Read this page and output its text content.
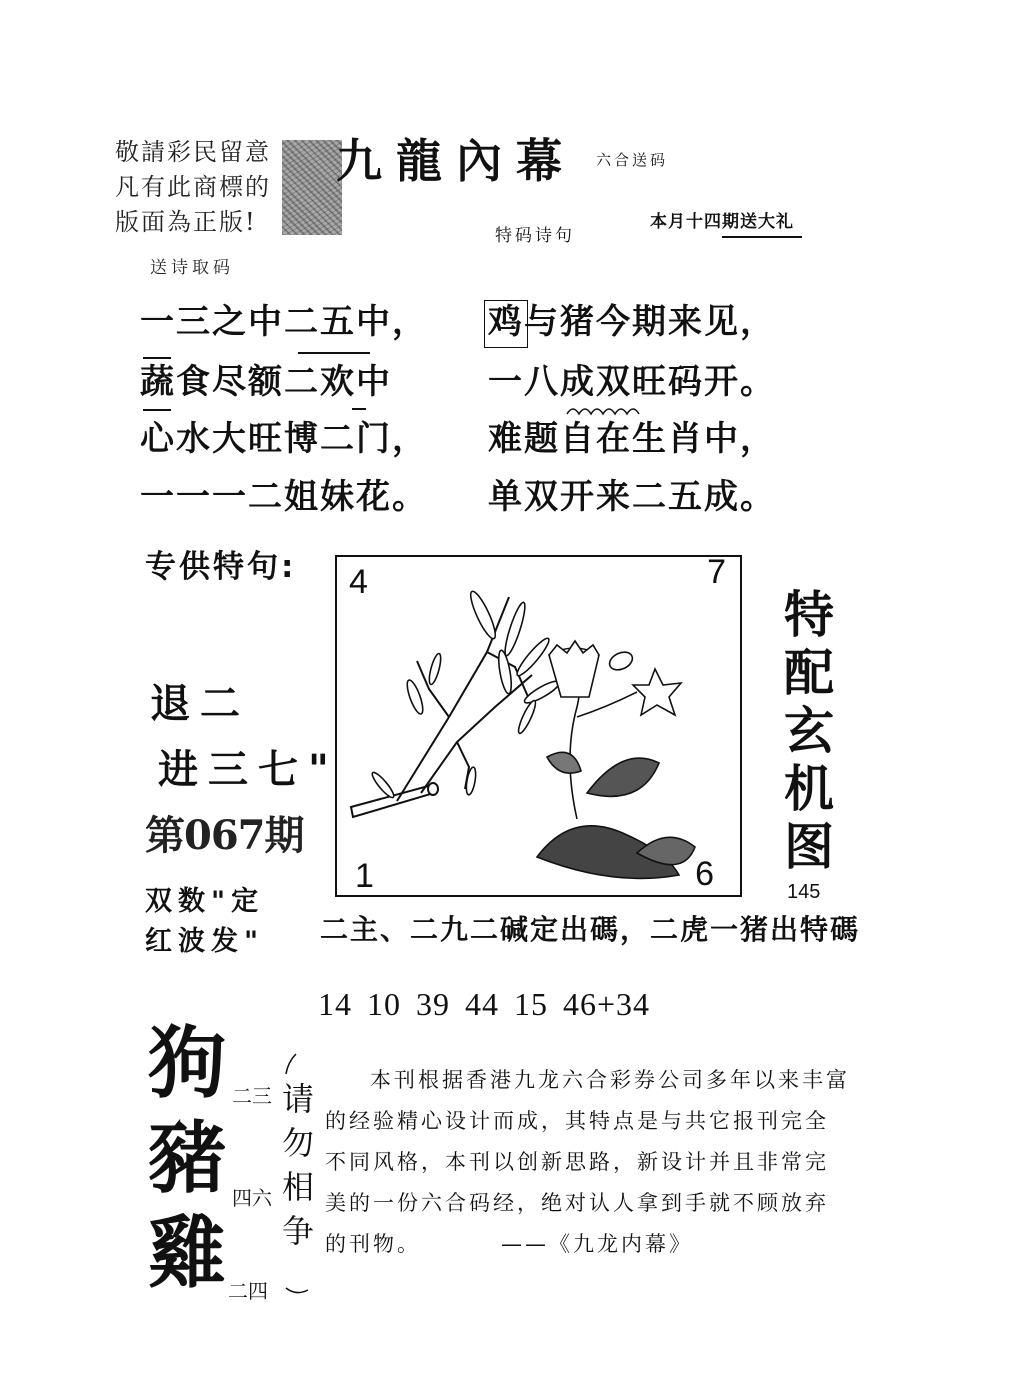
敬請彩民留意
凡有此商標的
版面為正版!
送诗取码
九龍內幕 六合送码
特码诗句
本月十四期送大礼
一三之中二五中，
蔬食尽额二欢中
心水大旺博二门，
一一一二姐妹花。
鸡与猪今期来见，
一八成双旺码开。
难题自在生肖中，
单双开来二五成。
专供特句:
退二
进三七"
第067期
双数"定
红波发"
4	7
1	6 特配玄机图
145
二主、二九二碱定出碼，二虎一猪出特碼
14 10 39 44 15 46+34
狗
豬
雞
二三
四六
二四
请勿相争
本刊根据香港九龙六合彩券公司多年以来丰富
的经验精心设计而成，其特点是与共它报刊完全
不同风格，本刊以创新思路，新设计并且非常完
美的一份六合码经，绝对认人拿到手就不顾放弃
的刊物。	——《九龙内幕》
